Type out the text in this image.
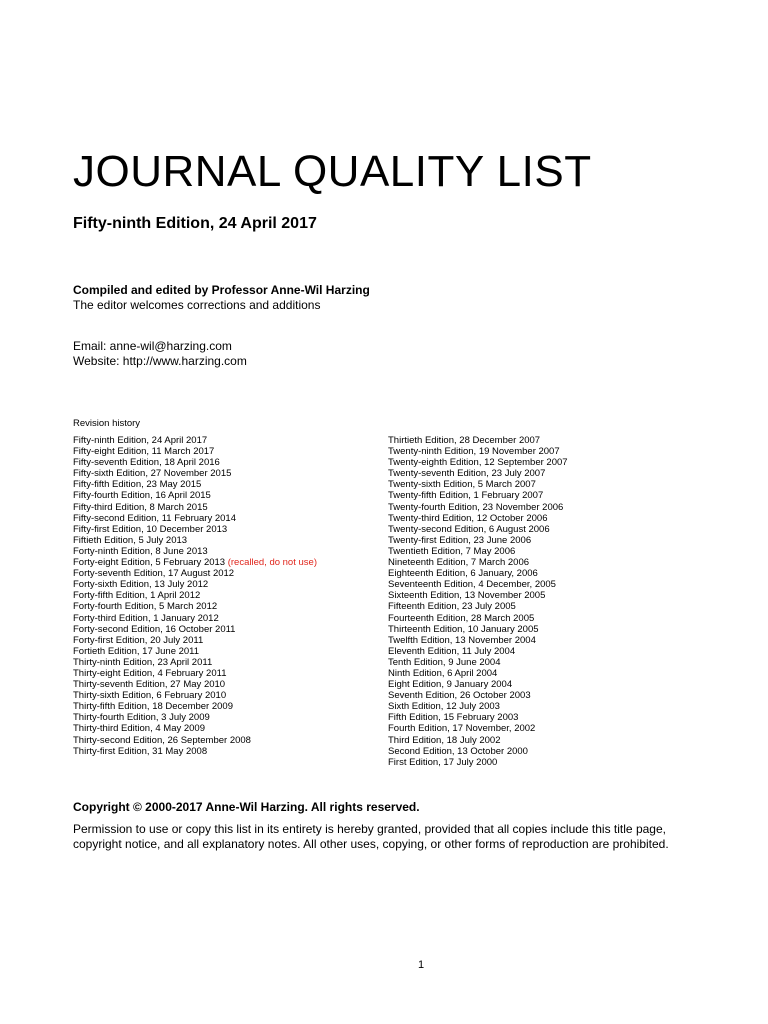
JOURNAL QUALITY LIST
Fifty-ninth Edition, 24 April 2017
Compiled and edited by Professor Anne-Wil Harzing
The editor welcomes corrections and additions
Email: anne-wil@harzing.com
Website: http://www.harzing.com
Revision history
Fifty-ninth Edition, 24 April 2017
Fifty-eight Edition, 11 March 2017
Fifty-seventh Edition, 18 April 2016
Fifty-sixth Edition, 27 November 2015
Fifty-fifth Edition, 23 May 2015
Fifty-fourth Edition, 16 April 2015
Fifty-third Edition, 8 March 2015
Fifty-second Edition, 11 February 2014
Fifty-first Edition, 10 December 2013
Fiftieth Edition, 5 July 2013
Forty-ninth Edition, 8 June 2013
Forty-eight Edition, 5 February 2013 (recalled, do not use)
Forty-seventh Edition, 17 August 2012
Forty-sixth Edition, 13 July 2012
Forty-fifth Edition, 1 April 2012
Forty-fourth Edition, 5 March 2012
Forty-third Edition, 1 January 2012
Forty-second Edition, 16 October 2011
Forty-first Edition, 20 July 2011
Fortieth Edition, 17 June 2011
Thirty-ninth Edition, 23 April 2011
Thirty-eight Edition, 4 February 2011
Thirty-seventh Edition, 27 May 2010
Thirty-sixth Edition, 6 February 2010
Thirty-fifth Edition, 18 December 2009
Thirty-fourth Edition, 3 July 2009
Thirty-third Edition, 4 May 2009
Thirty-second Edition, 26 September 2008
Thirty-first Edition, 31 May 2008
Thirtieth Edition, 28 December 2007
Twenty-ninth Edition, 19 November 2007
Twenty-eighth Edition, 12 September 2007
Twenty-seventh Edition, 23 July 2007
Twenty-sixth Edition, 5 March 2007
Twenty-fifth Edition, 1 February 2007
Twenty-fourth Edition, 23 November 2006
Twenty-third Edition, 12 October 2006
Twenty-second Edition, 6 August 2006
Twenty-first Edition, 23 June 2006
Twentieth Edition, 7 May 2006
Nineteenth Edition, 7 March 2006
Eighteenth Edition, 6 January, 2006
Seventeenth Edition, 4 December, 2005
Sixteenth Edition, 13 November 2005
Fifteenth Edition, 23 July 2005
Fourteenth Edition, 28 March 2005
Thirteenth Edition, 10 January 2005
Twelfth Edition, 13 November 2004
Eleventh Edition, 11 July 2004
Tenth Edition, 9 June 2004
Ninth Edition, 6 April 2004
Eight Edition, 9 January 2004
Seventh Edition, 26 October 2003
Sixth Edition, 12 July 2003
Fifth Edition, 15 February 2003
Fourth Edition, 17 November, 2002
Third Edition, 18 July 2002
Second Edition, 13 October 2000
First Edition, 17 July 2000
Copyright © 2000-2017 Anne-Wil Harzing. All rights reserved.

Permission to use or copy this list in its entirety is hereby granted, provided that all copies include this title page, copyright notice, and all explanatory notes. All other uses, copying, or other forms of reproduction are prohibited.

1
